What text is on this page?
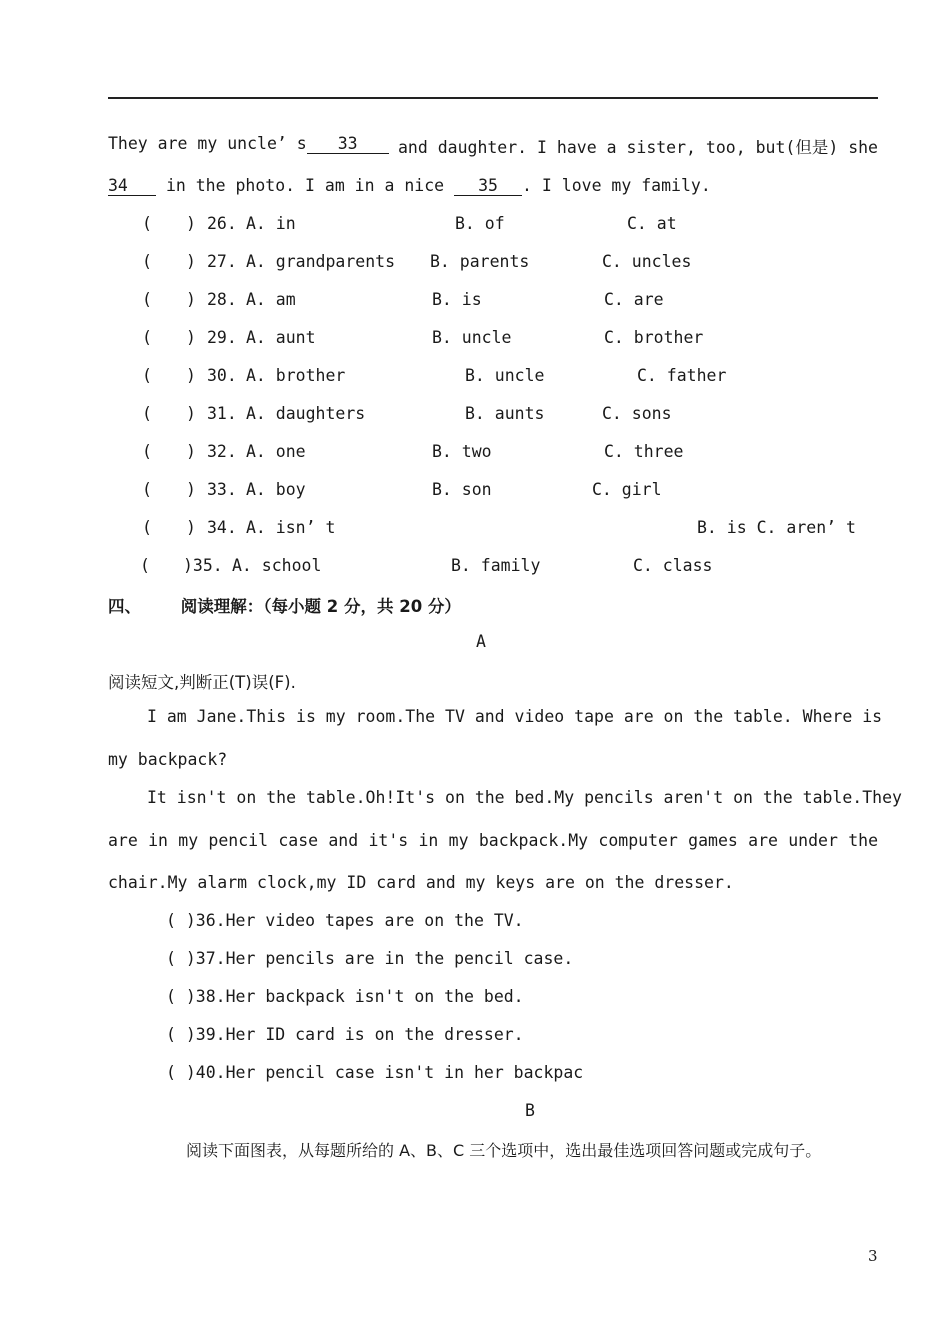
They are my uncle’ s 33	and daughter. I have a sister, too, but(但是) she
34 in the photo. I am in a nice 35 . I love my family.
( ) 26. A. in	B. of	C. at
( ) 27. A. grandparents B. parents	C. uncles
( ) 28. A. am	B. is	C. are
( ) 29. A. aunt	B. uncle	C. brother
( ) 30. A. brother	B. uncle	C. father
( ) 31. A. daughters	B. aunts	C. sons
( ) 32. A. one	B. two	C. three
( ) 33. A. boy	B. son	C. girl
( ) 34. A. isn’ t	B. is C. aren’ t
( )35. A. school	B. family	C. class
四、 阅读理解：（每小题 2 分，共 20 分）
A
阅读短文,判断正(T)误(F).
I am Jane.This is my room.The TV and video tape are on the table. Where is
my backpack?
It isn't on the table.Oh!It's on the bed.My pencils aren't on the table.They
are in my pencil case and it's in my backpack.My computer games are under the
chair.My alarm clock,my ID card and my keys are on the dresser.
( )36.Her video tapes are on the TV.
( )37.Her pencils are in the pencil case.
( )38.Her backpack isn't on the bed.
( )39.Her ID card is on the dresser.
( )40.Her pencil case isn't in her backpac
B
阅读下面图表，从每题所给的 A、B、C 三个选项中，选出最佳选项回答问题或完成句子。
3
